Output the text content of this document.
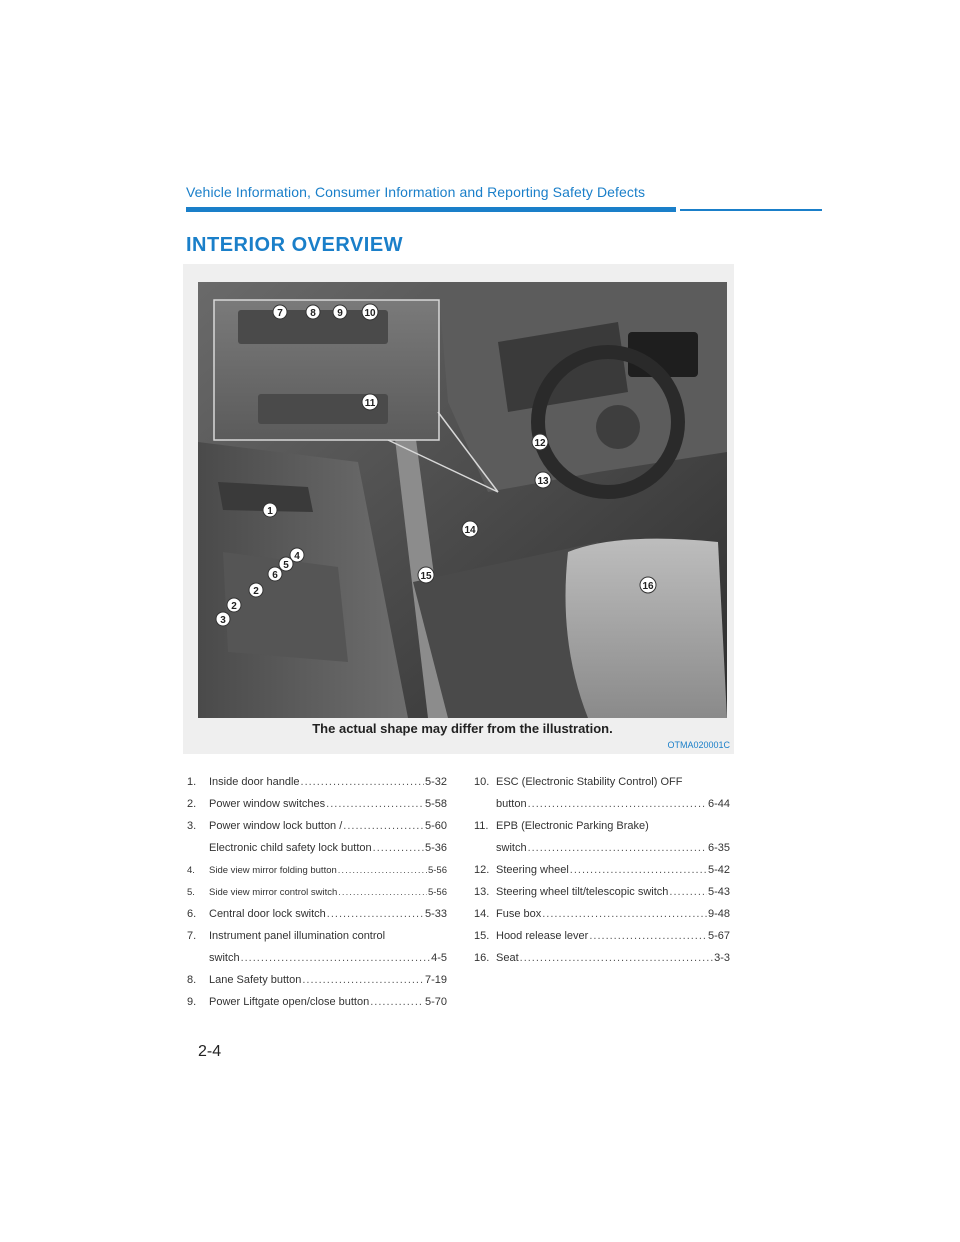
Vehicle Information, Consumer Information and Reporting Safety Defects
INTERIOR OVERVIEW
7	8 9 10
11
12
13
14
15
16
1
2
2
3
4
5
6
The actual shape may differ from the illustration.
OTMA020001C
1.	Inside door handle .....	5-32
2.	Power window switches .....	5-58
3.	Power window lock button / .....	5-60
Electronic child safety lock button .....	5-36
4.	Side view mirror folding button .....	5-56
5.	Side view mirror control switch .....	5-56
6.	Central door lock switch .....	5-33
7.	Instrument panel illumination control
switch .....	4-5
8.	Lane Safety button .....	7-19
9.	Power Liftgate open/close button .....	5-70
10. ESC (Electronic Stability Control) OFF
button .....	6-44
11. EPB (Electronic Parking Brake)
switch .....	6-35
12. Steering wheel .....	5-42
13. Steering wheel tilt/telescopic switch .....	5-43
14. Fuse box .....	9-48
15. Hood release lever .....	5-67
16. Seat .....	3-3
2-4
